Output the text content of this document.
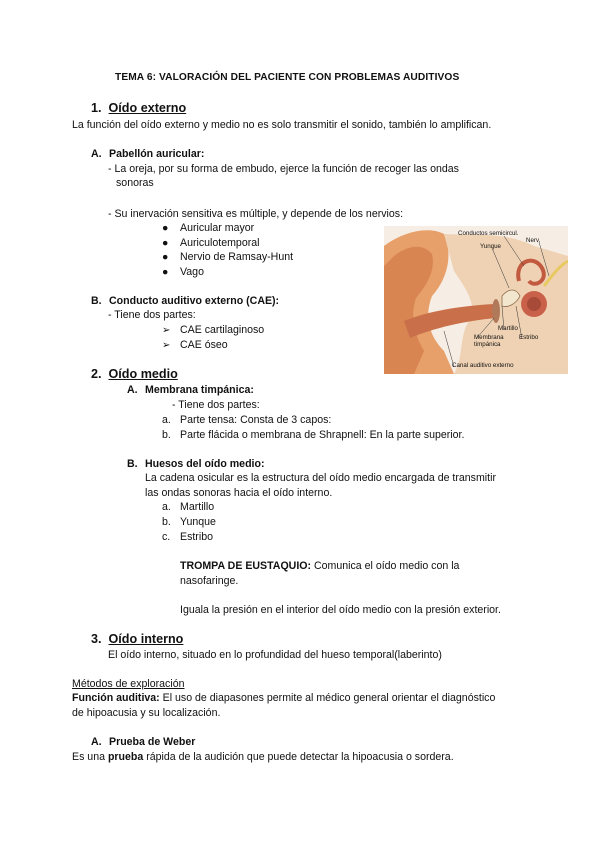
TEMA 6: VALORACIÓN DEL PACIENTE CON PROBLEMAS AUDITIVOS
1. Oído externo
La función del oído externo y medio no es solo transmitir el sonido, también lo amplifican.
A. Pabellón auricular:
- La oreja, por su forma de embudo, ejerce la función de recoger las ondas
sonoras
- Su inervación sensitiva es múltiple, y depende de los nervios:
● Auricular mayor
● Auriculotemporal
● Nervio de Ramsay-Hunt
● Vago
B. Conducto auditivo externo (CAE):
- Tiene dos partes:
➢ CAE cartilaginoso
➢ CAE óseo
2. Oído medio
A. Membrana timpánica:
- Tiene dos partes:
a. Parte tensa: Consta de 3 capos:
b. Parte flácida o membrana de Shrapnell: En la parte superior.
B. Huesos del oído medio:
La cadena osicular es la estructura del oído medio encargada de transmitir
las ondas sonoras hacia el oído interno.
a. Martillo
b. Yunque
c. Estribo
TROMPA DE EUSTAQUIO: Comunica el oído medio con la
nasofaringe.
Iguala la presión en el interior del oído medio con la presión exterior.
3. Oído interno
El oído interno, situado en lo profundidad del hueso temporal(laberinto)
Métodos de exploración
Función auditiva: El uso de diapasones permite al médico general orientar el diagnóstico
de hipoacusia y su localización.
A. Prueba de Weber
Es una prueba rápida de la audición que puede detectar la hipoacusia o sordera.
Conductos semicircul.
Yunque
Nerv.
Martillo
Membrana
timpánica
Estribo
Canal auditivo externo
